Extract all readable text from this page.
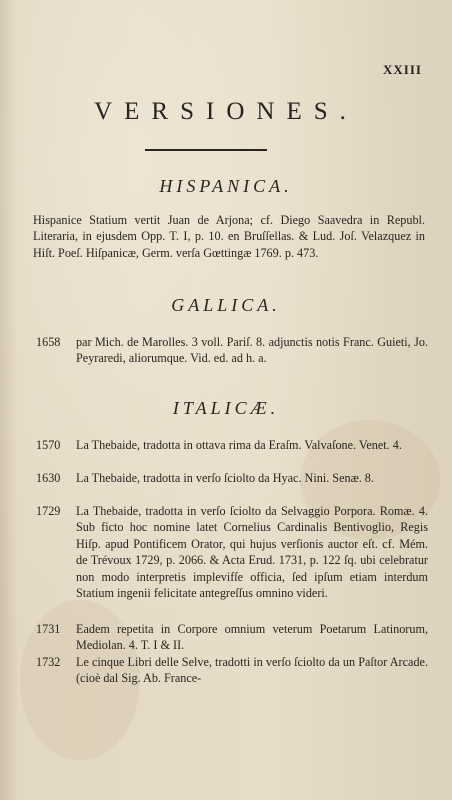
XXIII
VERSIONES.
HISPANICA.
Hispanice Statium vertit Juan de Arjona; cf. Diego Saavedra in Republ. Literaria, in ejusdem Opp. T. I, p. 10. en Bruſſellas. & Lud. Joſ. Velazquez in Hiſt. Poeſ. Hiſpanicæ, Germ. verſa Gœttingæ 1769. p. 473.
GALLICA.
1658	par Mich. de Marolles. 3 voll. Pariſ. 8. adjunctis notis Franc. Guieti, Jo. Peyraredi, aliorumque. Vid. ed. ad h. a.
ITALICÆ.
1570	La Thebaide, tradotta in ottava rima da Eraſm. Valvaſone. Venet. 4.
1630	La Thebaide, tradotta in verſo ſciolto da Hyac. Nini. Senæ. 8.
1729	La Thebaide, tradotta in verſo ſciolto da Selvaggio Porpora. Romæ. 4. Sub ficto hoc nomine latet Cornelius Cardinalis Bentivoglio, Regis Hiſp. apud Pontificem Orator, qui hujus verſionis auctor eſt. cf. Mém. de Trévoux 1729, p. 2066. & Acta Erud. 1731, p. 122 ſq. ubi celebratur non modo interpretis implevifſe officia, ſed ipſum etiam interdum Statium ingenii felicitate antegreſſus omnino videri.
1731	Eadem repetita in Corpore omnium veterum Poetarum Latinorum, Mediolan. 4. T. I & II.
1732	Le cinque Libri delle Selve, tradotti in verſo ſciolto da un Paſtor Arcade. (cioè dal Sig. Ab. France-
